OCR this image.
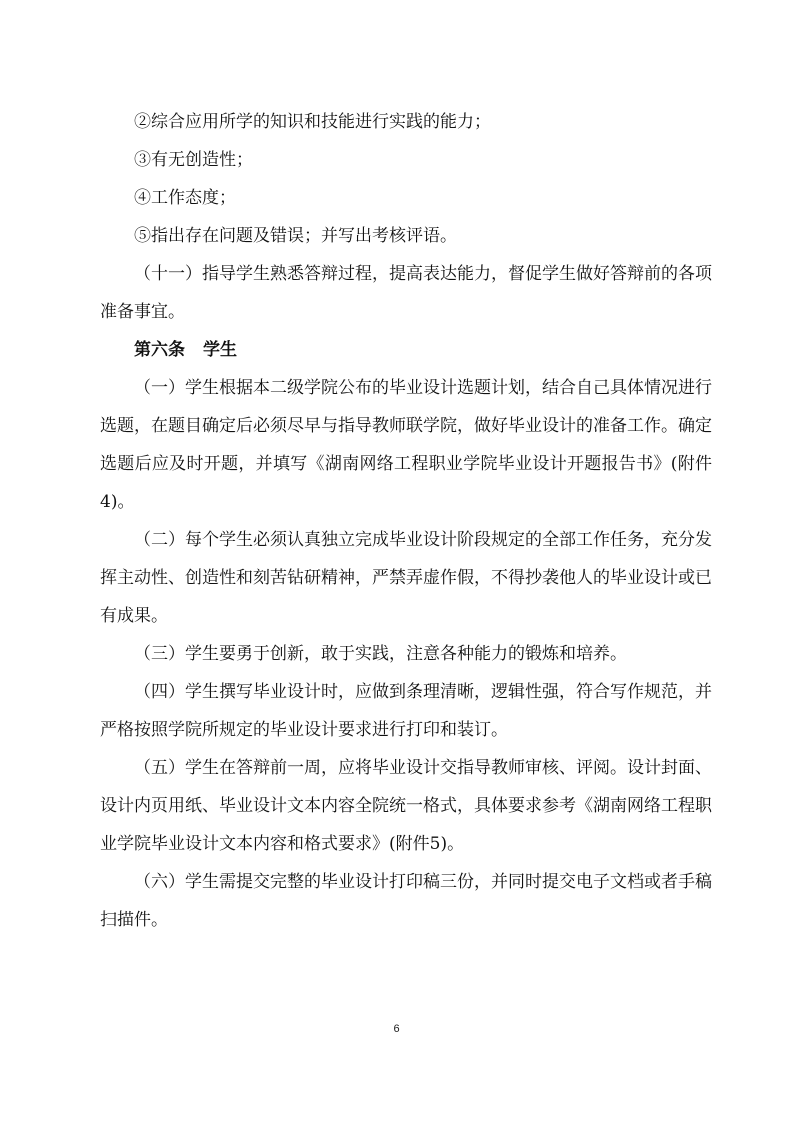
②综合应用所学的知识和技能进行实践的能力；

③有无创造性；

④工作态度；

⑤指出存在问题及错误；并写出考核评语。

（十一）指导学生熟悉答辩过程，提高表达能力，督促学生做好答辩前的各项准备事宜。

第六条 学生

（一）学生根据本二级学院公布的毕业设计选题计划，结合自己具体情况进行选题，在题目确定后必须尽早与指导教师联学院，做好毕业设计的准备工作。确定选题后应及时开题，并填写《湖南网络工程职业学院毕业设计开题报告书》(附件4)。

（二）每个学生必须认真独立完成毕业设计阶段规定的全部工作任务，充分发挥主动性、创造性和刻苦钻研精神，严禁弄虚作假，不得抄袭他人的毕业设计或已有成果。

（三）学生要勇于创新，敢于实践，注意各种能力的锻炼和培养。

（四）学生撰写毕业设计时，应做到条理清晰，逻辑性强，符合写作规范，并严格按照学院所规定的毕业设计要求进行打印和装订。

（五）学生在答辩前一周，应将毕业设计交指导教师审核、评阅。设计封面、设计内页用纸、毕业设计文本内容全院统一格式，具体要求参考《湖南网络工程职业学院毕业设计文本内容和格式要求》(附件5)。

（六）学生需提交完整的毕业设计打印稿三份，并同时提交电子文档或者手稿扫描件。

6
